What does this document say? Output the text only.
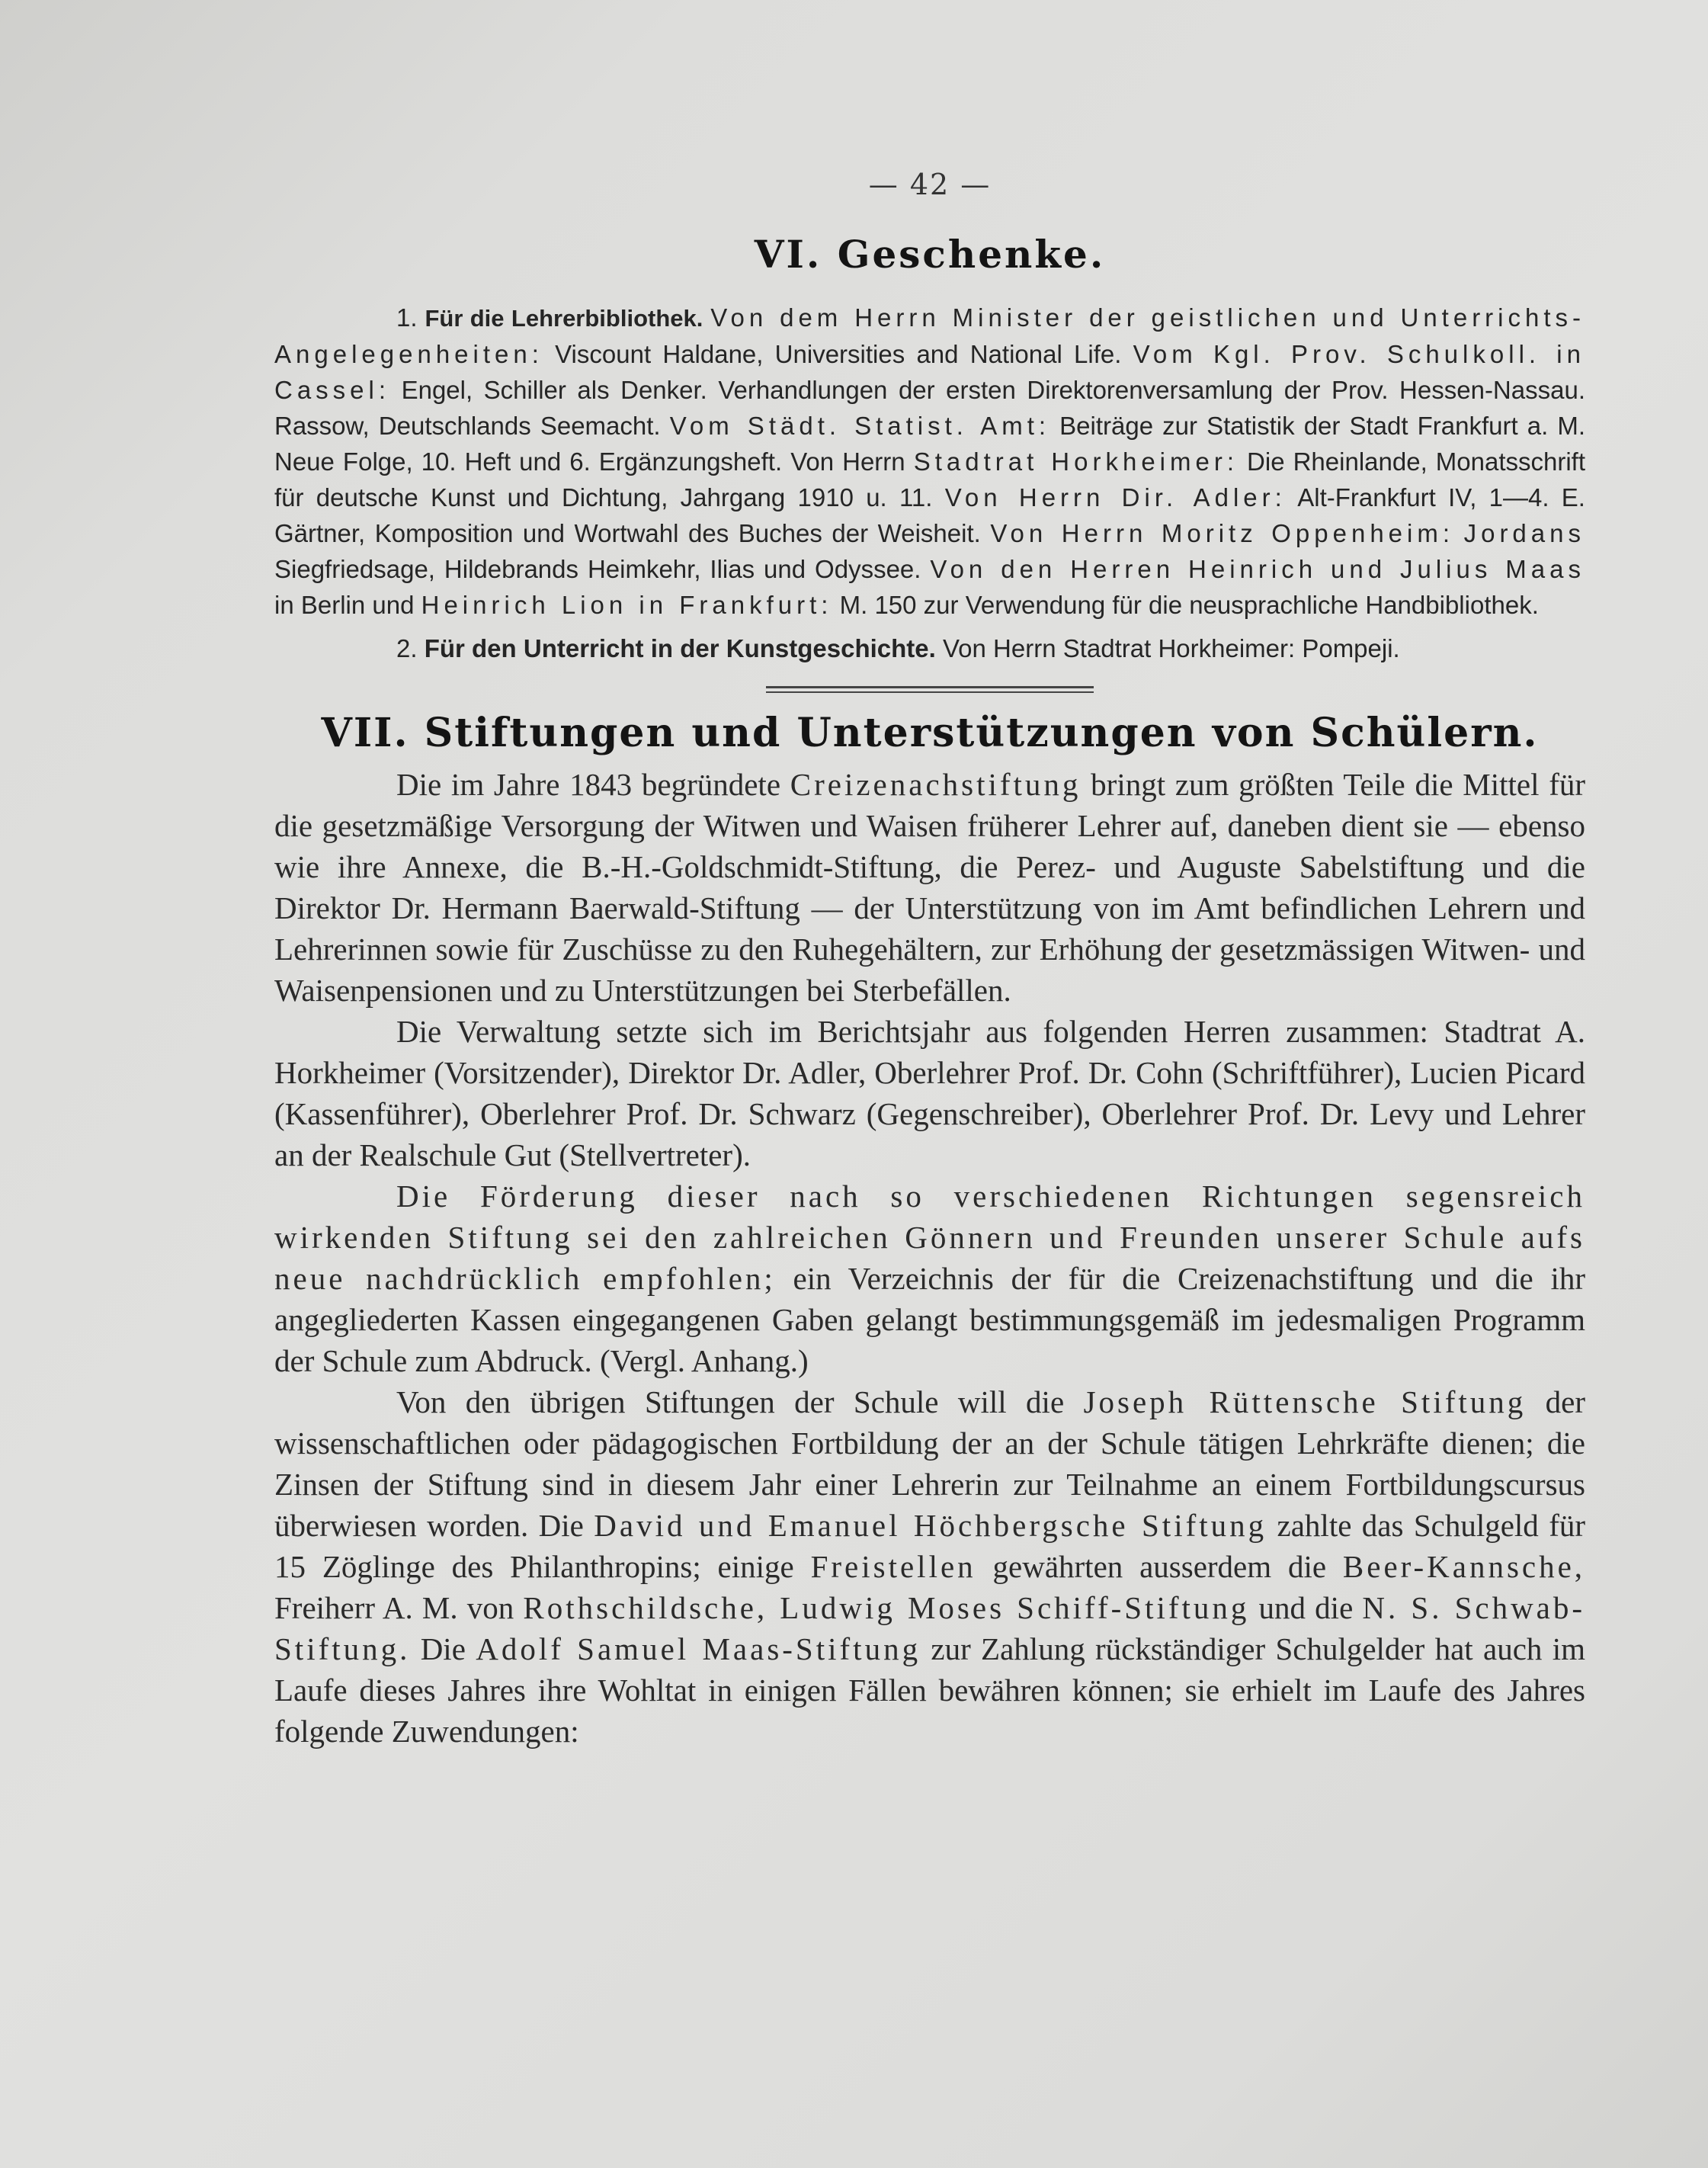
— 42 —
VI. Geschenke.

1. Für die Lehrerbibliothek. Von dem Herrn Minister der geistlichen und Unterrichts-Angelegenheiten: Viscount Haldane, Universities and National Life. Vom Kgl. Prov. Schulkoll. in Cassel: Engel, Schiller als Denker. Verhandlungen der ersten Direktorenversamlung der Prov. Hessen-Nassau. Rassow, Deutschlands Seemacht. Vom Städt. Statist. Amt: Beiträge zur Statistik der Stadt Frankfurt a. M. Neue Folge, 10. Heft und 6. Ergänzungsheft. Von Herrn Stadtrat Horkheimer: Die Rheinlande, Monatsschrift für deutsche Kunst und Dichtung, Jahrgang 1910 u. 11. Von Herrn Dir. Adler: Alt-Frankfurt IV, 1—4. E. Gärtner, Komposition und Wortwahl des Buches der Weisheit. Von Herrn Moritz Oppenheim: Jordans Siegfriedsage, Hildebrands Heimkehr, Ilias und Odyssee. Von den Herren Heinrich und Julius Maas in Berlin und Heinrich Lion in Frankfurt: M. 150 zur Verwendung für die neusprachliche Handbibliothek.

2. Für den Unterricht in der Kunstgeschichte. Von Herrn Stadtrat Horkheimer: Pompeji.

VII. Stiftungen und Unterstützungen von Schülern.

Die im Jahre 1843 begründete Creizenachstiftung bringt zum größten Teile die Mittel für die gesetzmäßige Versorgung der Witwen und Waisen früherer Lehrer auf, daneben dient sie — ebenso wie ihre Annexe, die B.-H.-Goldschmidt-Stiftung, die Perez- und Auguste Sabelstiftung und die Direktor Dr. Hermann Baerwald-Stiftung — der Unterstützung von im Amt befindlichen Lehrern und Lehrerinnen sowie für Zuschüsse zu den Ruhegehältern, zur Erhöhung der gesetzmässigen Witwen- und Waisenpensionen und zu Unterstützungen bei Sterbefällen.

Die Verwaltung setzte sich im Berichtsjahr aus folgenden Herren zusammen: Stadtrat A. Horkheimer (Vorsitzender), Direktor Dr. Adler, Oberlehrer Prof. Dr. Cohn (Schriftführer), Lucien Picard (Kassenführer), Oberlehrer Prof. Dr. Schwarz (Gegenschreiber), Oberlehrer Prof. Dr. Levy und Lehrer an der Realschule Gut (Stellvertreter).

Die Förderung dieser nach so verschiedenen Richtungen segensreich wirkenden Stiftung sei den zahlreichen Gönnern und Freunden unserer Schule aufs neue nachdrücklich empfohlen; ein Verzeichnis der für die Creizenachstiftung und die ihr angegliederten Kassen eingegangenen Gaben gelangt bestimmungsgemäß im jedesmaligen Programm der Schule zum Abdruck. (Vergl. Anhang.)

Von den übrigen Stiftungen der Schule will die Joseph Rüttensche Stiftung der wissenschaftlichen oder pädagogischen Fortbildung der an der Schule tätigen Lehrkräfte dienen; die Zinsen der Stiftung sind in diesem Jahr einer Lehrerin zur Teilnahme an einem Fortbildungscursus überwiesen worden. Die David und Emanuel Höchbergsche Stiftung zahlte das Schulgeld für 15 Zöglinge des Philanthropins; einige Freistellen gewährten ausserdem die Beer-Kannsche, Freiherr A. M. von Rothschildsche, Ludwig Moses Schiff-Stiftung und die N. S. Schwab-Stiftung. Die Adolf Samuel Maas-Stiftung zur Zahlung rückständiger Schulgelder hat auch im Laufe dieses Jahres ihre Wohltat in einigen Fällen bewähren können; sie erhielt im Laufe des Jahres folgende Zuwendungen:
